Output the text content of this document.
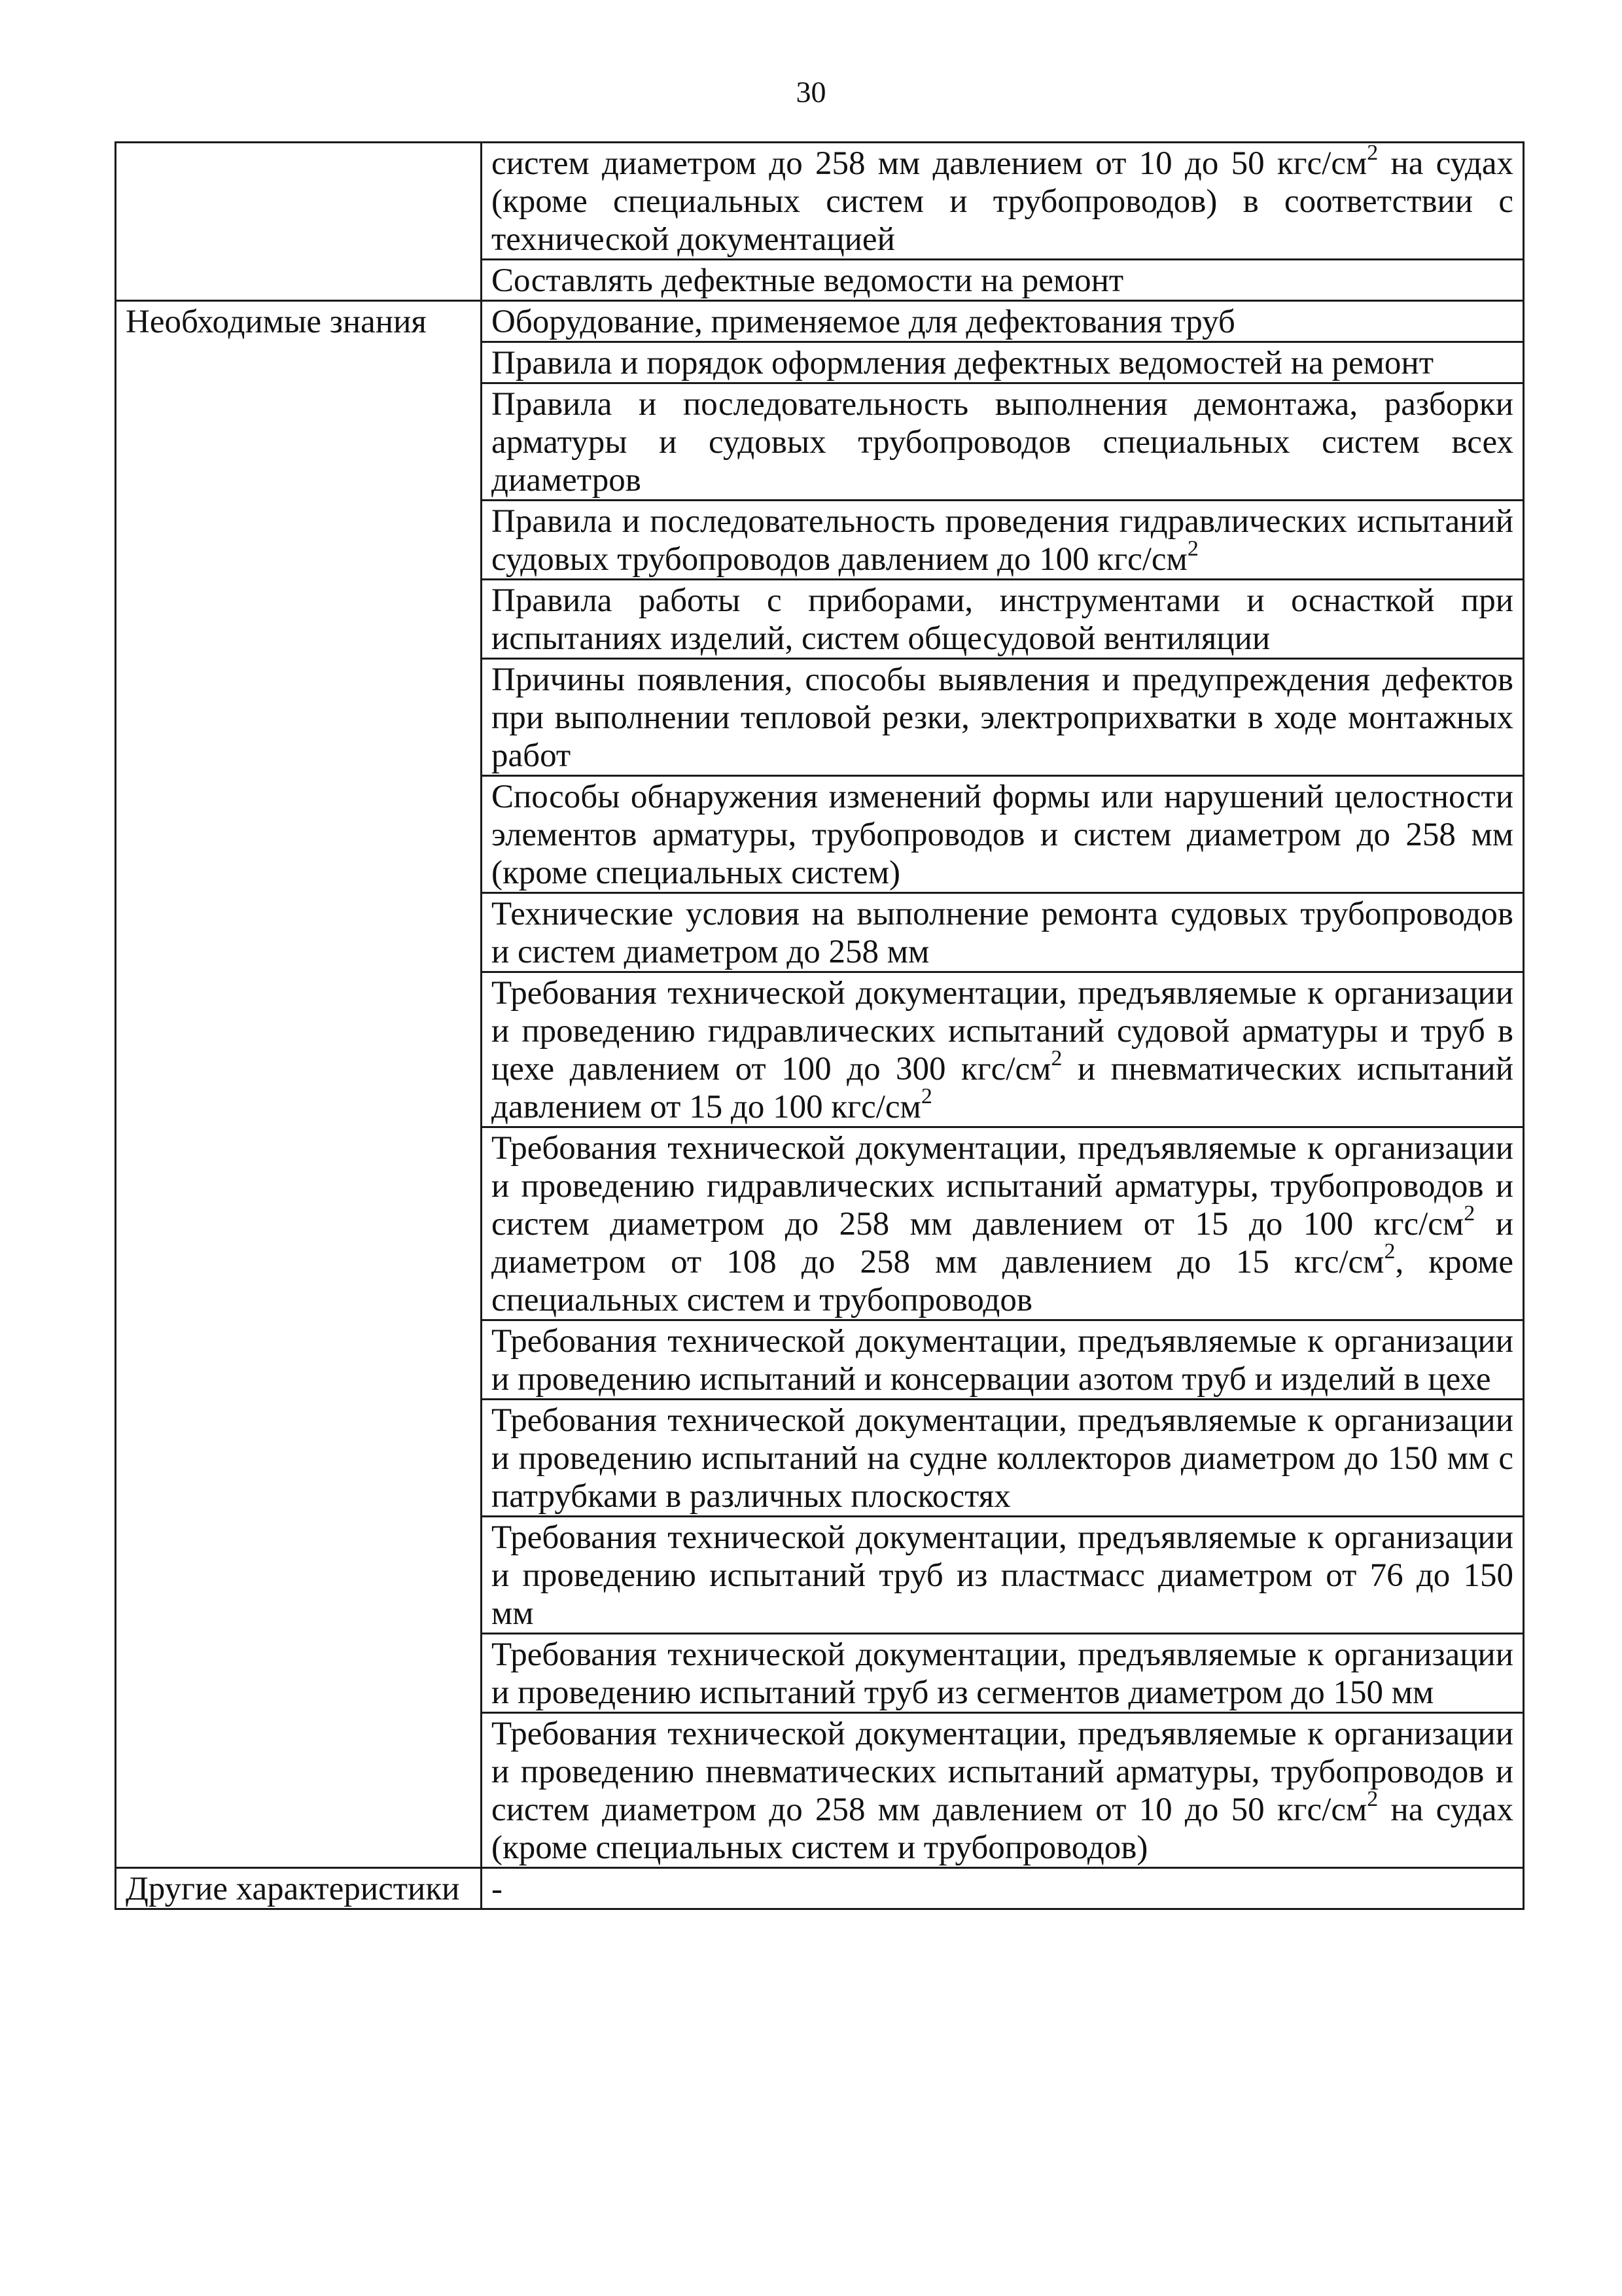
30
	систем диаметром до 258 мм давлением от 10 до 50 кгс/$см^2$ на судах (кроме специальных систем и трубопроводов) в соответствии с технической документацией
	Составлять дефектные ведомости на ремонт
Необходимые знания	Оборудование, применяемое для дефектования труб
	Правила и порядок оформления дефектных ведомостей на ремонт
	Правила и последовательность выполнения демонтажа, разборки арматуры и судовых трубопроводов специальных систем всех диаметров
	Правила и последовательность проведения гидравлических испытаний судовых трубопроводов давлением до 100 кгс/$см^2$
	Правила работы с приборами, инструментами и оснасткой при испытаниях изделий, систем общесудовой вентиляции
	Причины появления, способы выявления и предупреждения дефектов при выполнении тепловой резки, электроприхватки в ходе монтажных работ
	Способы обнаружения изменений формы или нарушений целостности элементов арматуры, трубопроводов и систем диаметром до 258 мм (кроме специальных систем)
	Технические условия на выполнение ремонта судовых трубопроводов и систем диаметром до 258 мм
	Требования технической документации, предъявляемые к организации и проведению гидравлических испытаний судовой арматуры и труб в цехе давлением от 100 до 300 кгс/$см^2$ и пневматических испытаний давлением от 15 до 100 кгс/$см^2$
	Требования технической документации, предъявляемые к организации и проведению гидравлических испытаний арматуры, трубопроводов и систем диаметром до 258 мм давлением от 15 до 100 кгс/$см^2$ и диаметром от 108 до 258 мм давлением до 15 кгс/$см^2$, кроме специальных систем и трубопроводов
	Требования технической документации, предъявляемые к организации и проведению испытаний и консервации азотом труб и изделий в цехе
	Требования технической документации, предъявляемые к организации и проведению испытаний на судне коллекторов диаметром до 150 мм с патрубками в различных плоскостях
	Требования технической документации, предъявляемые к организации и проведению испытаний труб из пластмасс диаметром от 76 до 150 мм
	Требования технической документации, предъявляемые к организации и проведению испытаний труб из сегментов диаметром до 150 мм
	Требования технической документации, предъявляемые к организации и проведению пневматических испытаний арматуры, трубопроводов и систем диаметром до 258 мм давлением от 10 до 50 кгс/$см^2$ на судах (кроме специальных систем и трубопроводов)
Другие характеристики	-
